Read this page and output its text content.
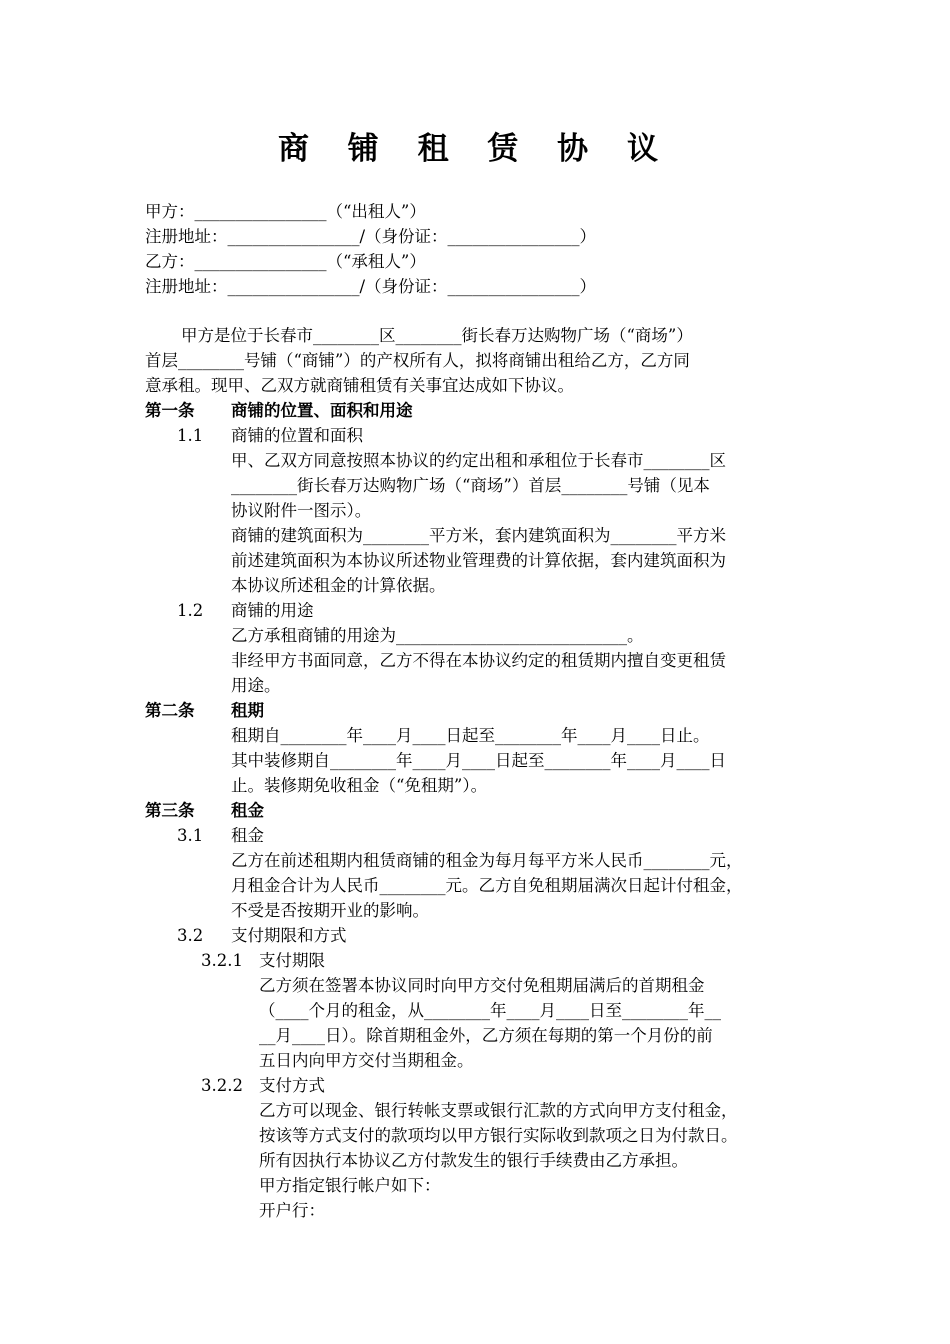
商 铺 租 赁 协 议
甲方：________________（“出租人”）
注册地址：________________/（身份证：________________）
乙方：________________（“承租人”）
注册地址：________________/（身份证：________________）
甲方是位于长春市________区________街长春万达购物广场（“商场”）
首层________号铺（“商铺”）的产权所有人，拟将商铺出租给乙方，乙方同
意承租。现甲、乙双方就商铺租赁有关事宜达成如下协议。
第一条	商铺的位置、面积和用途
1.1	商铺的位置和面积
甲、乙双方同意按照本协议的约定出租和承租位于长春市________区
________街长春万达购物广场（“商场”）首层________号铺（见本
协议附件一图示）。
商铺的建筑面积为________平方米，套内建筑面积为________平方米
前述建筑面积为本协议所述物业管理费的计算依据，套内建筑面积为
本协议所述租金的计算依据。
1.2	商铺的用途
乙方承租商铺的用途为____________________________。
非经甲方书面同意，乙方不得在本协议约定的租赁期内擅自变更租赁
用途。
第二条	租期
租期自________年____月____日起至________年____月____日止。
其中装修期自________年____月____日起至________年____月____日
止。装修期免收租金（“免租期”）。
第三条	租金
3.1	租金
乙方在前述租期内租赁商铺的租金为每月每平方米人民币________元，
月租金合计为人民币________元。乙方自免租期届满次日起计付租金，
不受是否按期开业的影响。
3.2	支付期限和方式
3.2.1 支付期限
乙方须在签署本协议同时向甲方交付免租期届满后的首期租金
（____个月的租金，从________年____月____日至________年__
__月____日）。除首期租金外，乙方须在每期的第一个月份的前
五日内向甲方交付当期租金。
3.2.2 支付方式
乙方可以现金、银行转帐支票或银行汇款的方式向甲方支付租金，
按该等方式支付的款项均以甲方银行实际收到款项之日为付款日。
所有因执行本协议乙方付款发生的银行手续费由乙方承担。
甲方指定银行帐户如下：
开户行：
